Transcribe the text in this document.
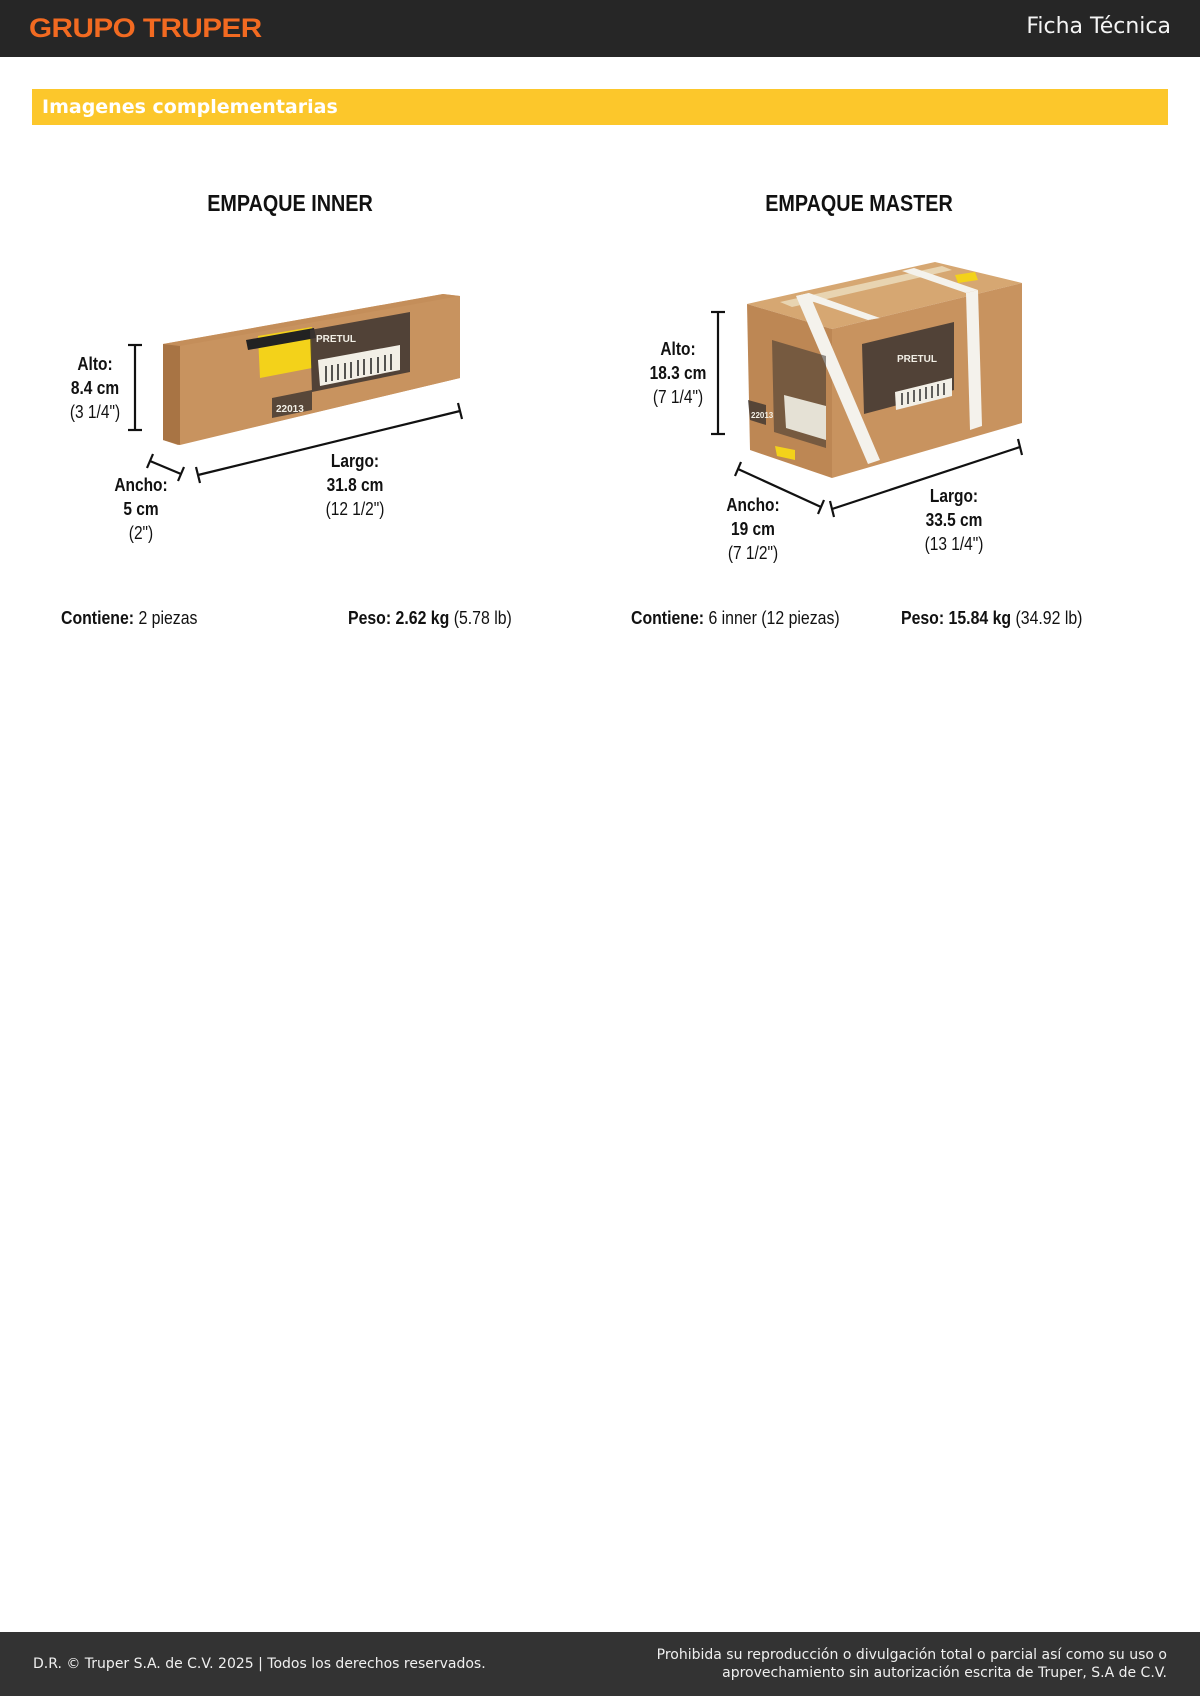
GRUPO TRUPER	Ficha Técnica
Imagenes complementarias
22013
PRETUL
PRETUL
22013
EMPAQUE INNER
Alto:
8.4 cm
(3 1/4")
Ancho:
5 cm
(2")
Largo:
31.8 cm
(12 1/2")
Contiene: 2 piezas	Peso: 2.62 kg (5.78 lb)
EMPAQUE MASTER
Alto:
18.3 cm
(7 1/4")
Ancho:
19 cm
(7 1/2")
Largo:
33.5 cm
(13 1/4")
Contiene: 6 inner (12 piezas)	Peso: 15.84 kg (34.92 lb)
D.R. © Truper S.A. de C.V. 2025 | Todos los derechos reservados.
Prohibida su reproducción o divulgación total o parcial así como su uso o aprovechamiento sin autorización escrita de Truper, S.A de C.V.
